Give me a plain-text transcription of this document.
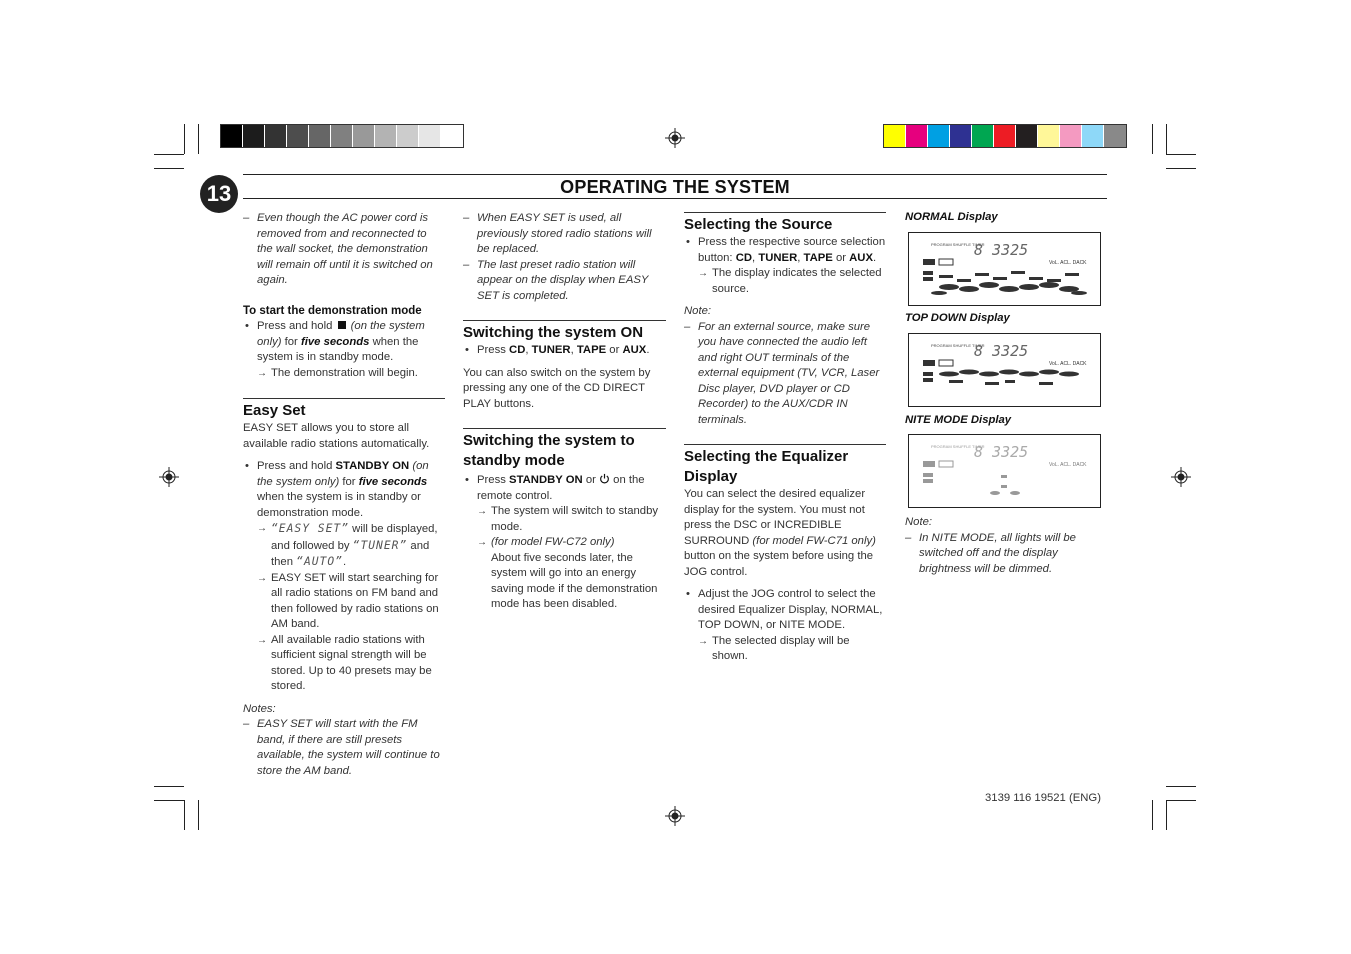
13	OPERATING THE SYSTEM

– Even though the AC power cord is removed from and reconnected to the wall socket, the demonstration will remain off until it is switched on again.

To start the demonstration mode

• Press and hold (on the system only) for five seconds when the system is in standby mode.

→ The demonstration will begin.

Easy Set

EASY SET allows you to store all available radio stations automatically.

• Press and hold STANDBY ON (on the system only) for five seconds when the system is in standby or demonstration mode.

→ “EASY SET” will be displayed, and followed by “TUNER” and then “AUTO”.

→ EASY SET will start searching for all radio stations on FM band and then followed by radio stations on AM band.

→ All available radio stations with sufficient signal strength will be stored. Up to 40 presets may be stored.

Notes:

– EASY SET will start with the FM band, if there are still presets available, the system will continue to store the AM band.

– When EASY SET is used, all previously stored radio stations will be replaced.

– The last preset radio station will appear on the display when EASY SET is completed.

Switching the system ON

• Press CD, TUNER, TAPE or AUX.

You can also switch on the system by pressing any one of the CD DIRECT PLAY buttons.

Switching the system to standby mode

• Press STANDBY ON or on the remote control.

→ The system will switch to standby mode.

→ (for model FW-C72 only)
About five seconds later, the system will go into an energy saving mode if the demonstration mode has been disabled.

Selecting the Source

• Press the respective source selection button: CD, TUNER, TAPE or AUX.

→ The display indicates the selected source.

Note:

– For an external source, make sure you have connected the audio left and right OUT terminals of the external equipment (TV, VCR, Laser Disc player, DVD player or CD Recorder) to the AUX/CDR IN terminals.

Selecting the Equalizer Display

You can select the desired equalizer display for the system. You must not press the DSC or INCREDIBLE SURROUND (for model FW-C71 only) button on the system before using the JOG control.

• Adjust the JOG control to select the desired Equalizer Display, NORMAL, TOP DOWN, or NITE MODE.

→ The selected display will be shown.

NORMAL Display
PROGRAM SHUFFLE TIMER
8 3325
VoL. ACL. DACK
TOP DOWN Display
PROGRAM SHUFFLE TIMER
8 3325
VoL. ACL. DACK
NITE MODE Display
PROGRAM SHUFFLE TIMER
8 3325
VoL. ACL. DACK

Note:

– In NITE MODE, all lights will be switched off and the display brightness will be dimmed.

3139 116 19521 (ENG)
